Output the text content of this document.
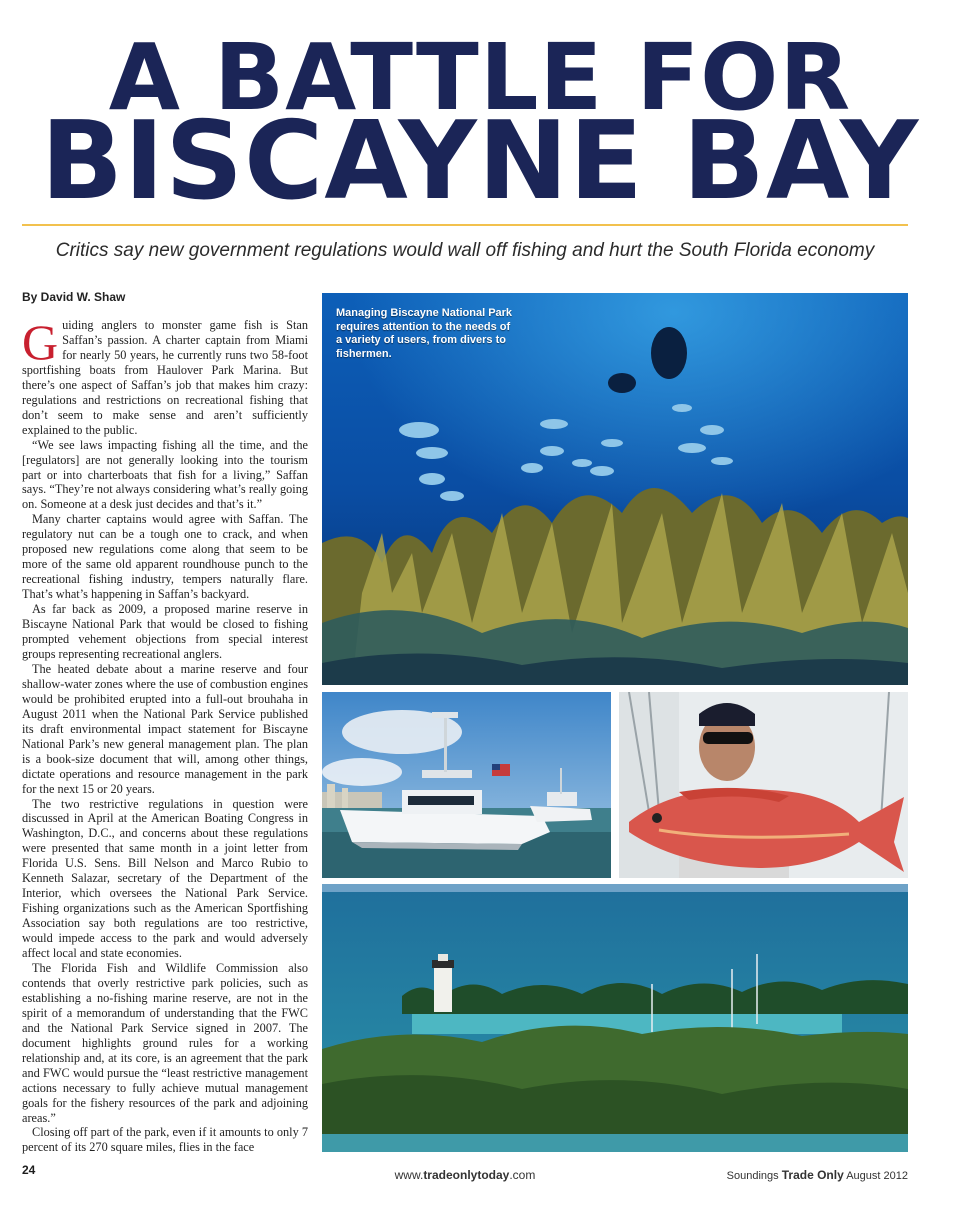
A BATTLE FOR
BISCAYNE BAY
Critics say new government regulations would wall off fishing and hurt the South Florida economy
By David W. Shaw

Guiding anglers to monster game fish is Stan Saffan’s passion. A charter captain from Miami for nearly 50 years, he currently runs two 58-foot sportfishing boats from Haulover Park Marina. But there’s one aspect of Saffan’s job that makes him crazy: regulations and restrictions on recreational fishing that don’t seem to make sense and aren’t sufficiently explained to the public.

“We see laws impacting fishing all the time, and the [regulators] are not generally looking into the tourism part or into charterboats that fish for a living,” Saffan says. “They’re not always considering what’s really going on. Someone at a desk just decides and that’s it.”

Many charter captains would agree with Saffan. The regulatory nut can be a tough one to crack, and when proposed new regulations come along that seem to be more of the same old apparent roundhouse punch to the recreational fishing industry, tempers naturally flare. That’s what’s happening in Saffan’s backyard.

As far back as 2009, a proposed marine reserve in Biscayne National Park that would be closed to fishing prompted vehement objections from special interest groups representing recreational anglers.

The heated debate about a marine reserve and four shallow-water zones where the use of combustion engines would be prohibited erupted into a full-out brouhaha in August 2011 when the National Park Service published its draft environmental impact statement for Biscayne National Park’s new general management plan. The plan is a book-size document that will, among other things, dictate operations and resource management in the park for the next 15 or 20 years.

The two restrictive regulations in question were discussed in April at the American Boating Congress in Washington, D.C., and concerns about these regulations were presented that same month in a joint letter from Florida U.S. Sens. Bill Nelson and Marco Rubio to Kenneth Salazar, secretary of the Department of the Interior, which oversees the National Park Service. Fishing organizations such as the American Sportfishing Association say both regulations are too restrictive, would impede access to the park and would adversely affect local and state economies.

The Florida Fish and Wildlife Commission also contends that overly restrictive park policies, such as establishing a no-fishing marine reserve, are not in the spirit of a memorandum of understanding that the FWC and the National Park Service signed in 2007. The document highlights ground rules for a working relationship and, at its core, is an agreement that the park and FWC would pursue the “least restrictive management actions necessary to fully achieve mutual management goals for the fishery resources of the park and adjoining areas.”

Closing off part of the park, even if it amounts to only 7 percent of its 270 square miles, flies in the face

Managing Biscayne National Park requires attention to the needs of a variety of users, from divers to fishermen.
24	www.tradeonlytoday.com	Soundings Trade Only August 2012
